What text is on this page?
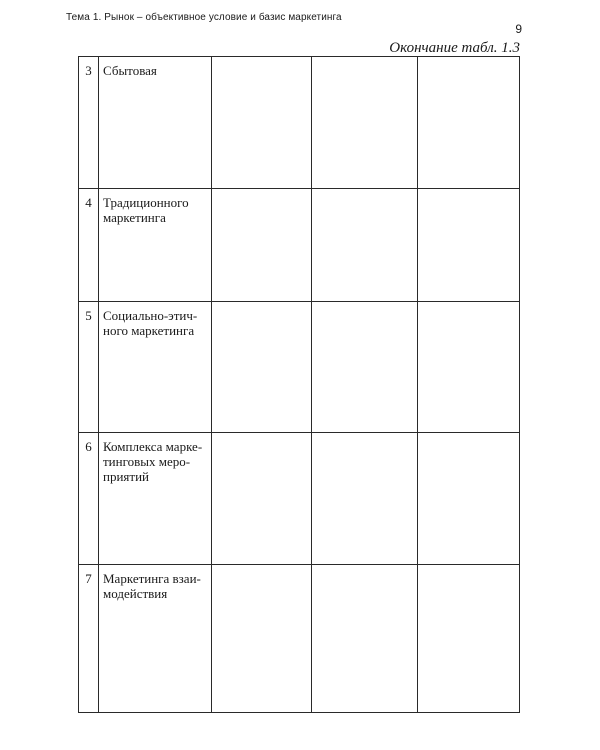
Тема 1. Рынок – объективное условие и базис маркетинга
9
Окончание табл. 1.3
3	Сбытовая			
4	Традиционного
маркетинга			
5	Социально-этич-
ного маркетинга			
6	Комплекса марке-
тинговых меро-
приятий			
7	Маркетинга взаи-
модействия			
